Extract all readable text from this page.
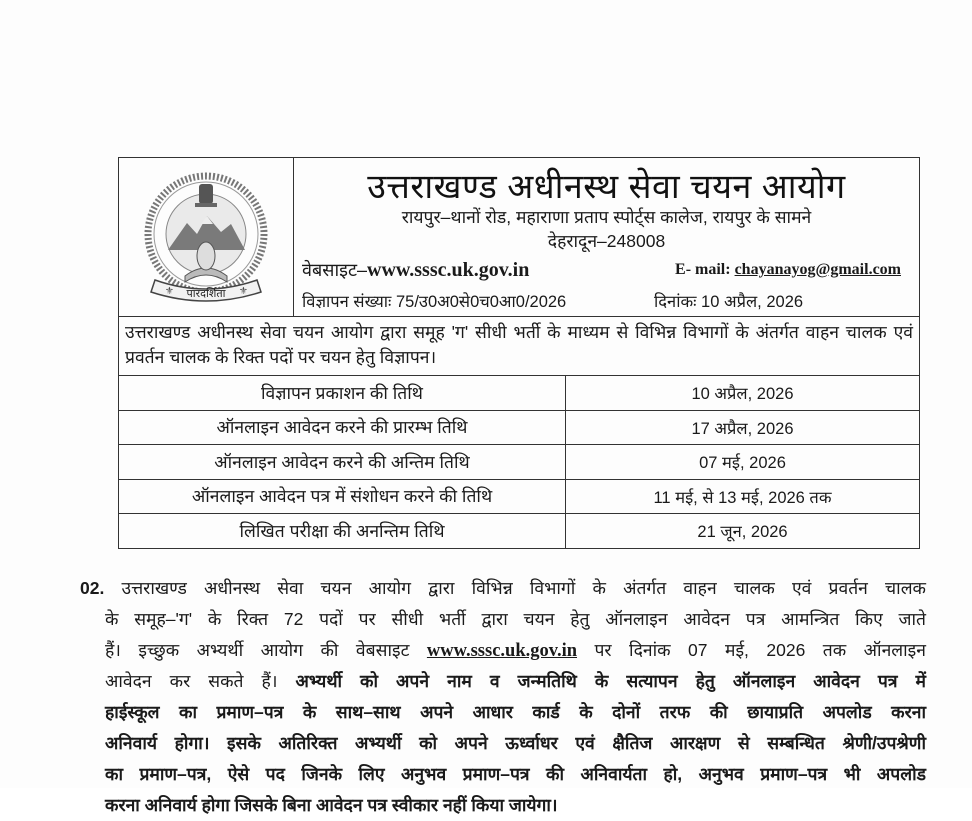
पारदर्शिता
⚜	⚜
उत्तराखण्ड अधीनस्थ सेवा चयन आयोग
रायपुर–थानों रोड, महाराणा प्रताप स्पोर्ट्स कालेज, रायपुर के सामने
देहरादून–248008
वेबसाइट–www.sssc.uk.gov.in	E- mail: chayanayog@gmail.com
विज्ञापन संख्याः 75/उ0अ0से0च0आ0/2026	दिनांकः 10 अप्रैल, 2026
उत्तराखण्ड अधीनस्थ सेवा चयन आयोग द्वारा समूह 'ग' सीधी भर्ती के माध्यम से विभिन्न विभागों के अंतर्गत वाहन चालक एवं प्रवर्तन चालक के रिक्त पदों पर चयन हेतु विज्ञापन।
विज्ञापन प्रकाशन की तिथि	10 अप्रैल, 2026
ऑनलाइन आवेदन करने की प्रारम्भ तिथि	17 अप्रैल, 2026
ऑनलाइन आवेदन करने की अन्तिम तिथि	07 मई, 2026
ऑनलाइन आवेदन पत्र में संशोधन करने की तिथि	11 मई, से 13 मई, 2026 तक
लिखित परीक्षा की अनन्तिम तिथि	21 जून, 2026
02. उत्तराखण्ड अधीनस्थ सेवा चयन आयोग द्वारा विभिन्न विभागों के अंतर्गत वाहन चालक एवं प्रवर्तन चालक
के समूह–'ग' के रिक्त 72 पदों पर सीधी भर्ती द्वारा चयन हेतु ऑनलाइन आवेदन पत्र आमन्त्रित किए जाते
हैं। इच्छुक अभ्यर्थी आयोग की वेबसाइट www.sssc.uk.gov.in पर दिनांक 07 मई, 2026 तक ऑनलाइन
आवेदन कर सकते हैं। अभ्यर्थी को अपने नाम व जन्मतिथि के सत्यापन हेतु ऑनलाइन आवेदन पत्र में
हाईस्कूल का प्रमाण–पत्र के साथ–साथ अपने आधार कार्ड के दोनों तरफ की छायाप्रति अपलोड करना
अनिवार्य होगा। इसके अतिरिक्त अभ्यर्थी को अपने ऊर्ध्वाधर एवं क्षैतिज आरक्षण से सम्बन्धित श्रेणी/उपश्रेणी
का प्रमाण–पत्र, ऐसे पद जिनके लिए अनुभव प्रमाण–पत्र की अनिवार्यता हो, अनुभव प्रमाण–पत्र भी अपलोड
करना अनिवार्य होगा जिसके बिना आवेदन पत्र स्वीकार नहीं किया जायेगा।
